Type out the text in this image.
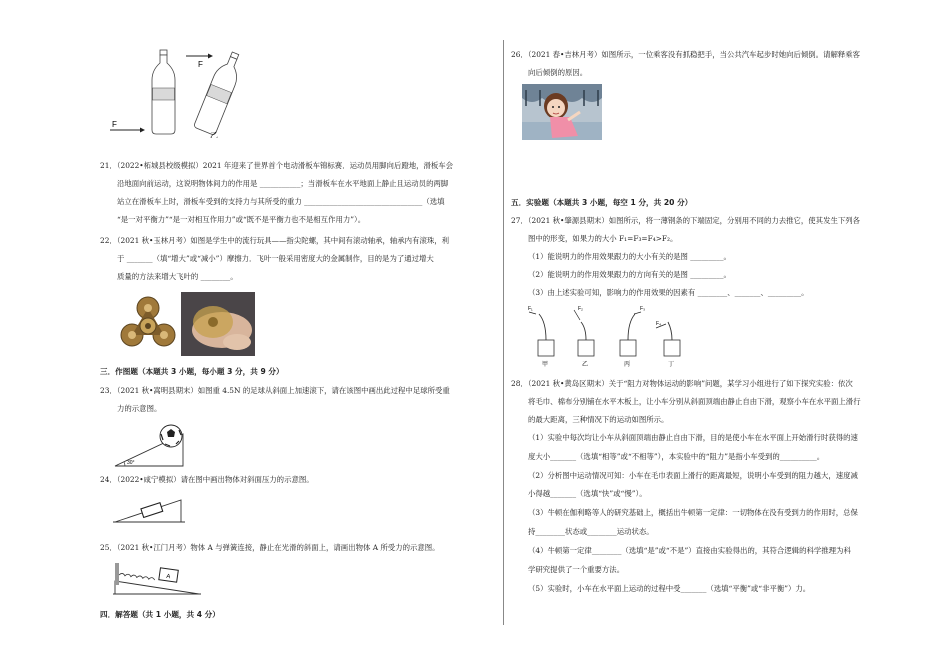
F
F
乙
21．（2022•柘城县校级模拟）2021 年迎来了世界首个电动滑板车锦标赛．运动员用脚向后蹬地，滑板车会
沿地面向前运动，这说明物体间力的作用是 ___________；当滑板车在水平地面上静止且运动员的两脚
站立在滑板车上时，滑板车受到的支持力与其所受的重力 ________________________________（选填
“是一对平衡力”“是一对相互作用力”或“既不是平衡力也不是相互作用力”）。
22．（2021 秋•玉林月考）如图是学生中的流行玩具——指尖陀螺，其中间有滚动轴承，轴承内有滚珠，利
于 _______（填“增大”或“减小”）摩擦力．飞叶一般采用密度大的金属制作，目的是为了通过增大
质量的方法来增大飞叶的 ________。
三．作图题（本题共 3 小题，每小题 3 分，共 9 分）
23．（2021 秋•嵩明县期末）如图重 4.5N 的足球从斜面上加速滚下，请在该图中画出此过程中足球所受重
力的示意图。
30°
24．（2022•咸宁模拟）请在图中画出物体对斜面压力的示意图。
25．（2021 秋•江门月考）物体 A 与弹簧连接，静止在光滑的斜面上，请画出物体 A 所受力的示意图。
A
四．解答题（共 1 小题，共 4 分）
26．（2021 春•吉林月考）如图所示，一位乘客没有抓稳把手，当公共汽车起步时她向后倾倒。请解释乘客
向后倾倒的原因。
五．实验题（本题共 3 小题，每空 1 分，共 20 分）
27．（2021 秋•肇源县期末）如图所示，将一薄钢条的下端固定，分别用不同的力去推它，使其发生下列各
图中的形变，如果力的大小 F₁=F₃=F₄>F₂。
（1）能说明力的作用效果跟力的大小有关的是图 _________。
（2）能说明力的作用效果跟力的方向有关的是图 _________。
（3）由上述实验可知，影响力的作用效果的因素有 ________、_______、_________。
F₁
甲
F₂
乙
F₃
丙
F₄
丁
28．（2021 秋•黄岛区期末）关于“阻力对物体运动的影响”问题，某学习小组进行了如下探究实验：依次
将毛巾、棉布分别铺在水平木板上，让小车分别从斜面顶端由静止自由下滑，观察小车在水平面上滑行
的最大距离，三种情况下的运动如图所示。
（1）实验中每次均让小车从斜面顶端由静止自由下滑，目的是使小车在水平面上开始滑行时获得的速
度大小_______（选填“相等”或“不相等”），本实验中的“阻力”是指小车受到的__________。
（2）分析图中运动情况可知：小车在毛巾表面上滑行的距离最短，说明小车受到的阻力越大，速度减
小得越_______（选填“快”或“慢”）。
（3）牛顿在伽利略等人的研究基础上，概括出牛顿第一定律：一切物体在没有受到力的作用时，总保
持________状态或________运动状态。
（4）牛顿第一定律________（选填“是”或“不是”）直接由实验得出的，其符合逻辑的科学推理为科
学研究提供了一个重要方法。
（5）实验时，小车在水平面上运动的过程中受_______（选填“平衡”或“非平衡”）力。
